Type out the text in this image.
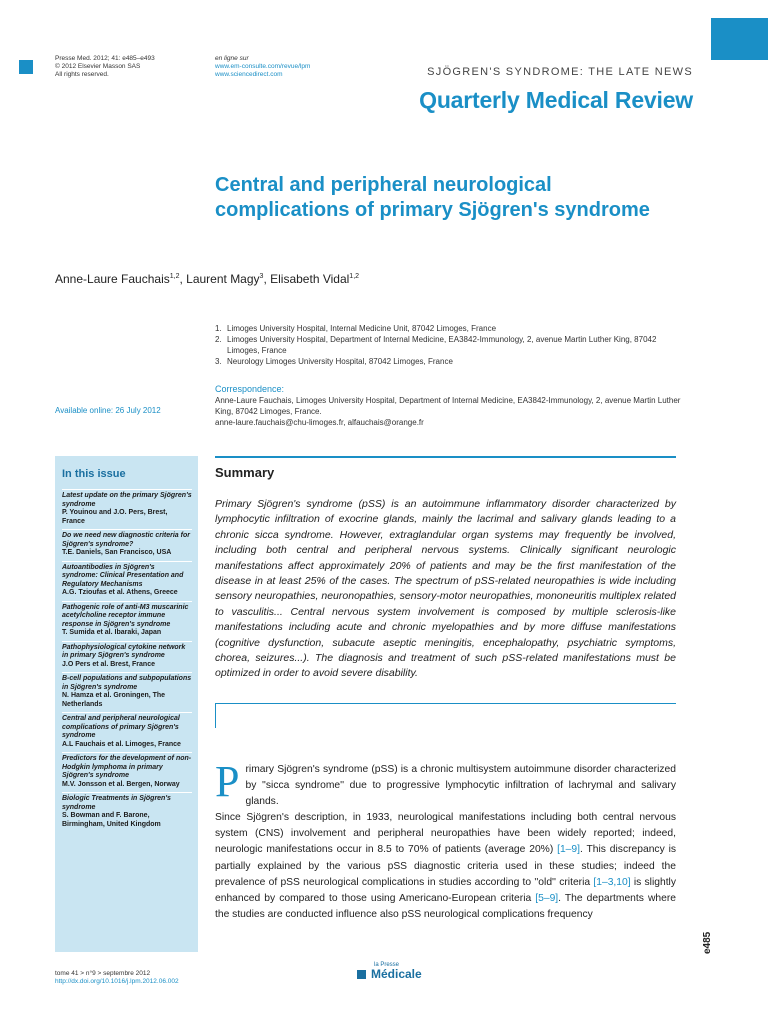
Presse Med. 2012; 41: e485–e493
© 2012 Elsevier Masson SAS
All rights reserved.
en ligne sur
www.em-consulte.com/revue/lpm
www.sciencedirect.com	SJÖGREN'S SYNDROME: THE LATE NEWS
Quarterly Medical Review
Central and peripheral neurological
complications of primary Sjögren's syndrome
Anne-Laure Fauchais$^{1,2}$, Laurent Magy$^3$, Elisabeth Vidal$^{1,2}$
1. Limoges University Hospital, Internal Medicine Unit, 87042 Limoges, France
2. Limoges University Hospital, Department of Internal Medicine, EA3842-Immunology, 2, avenue Martin Luther King, 87042 Limoges, France
3. Neurology Limoges University Hospital, 87042 Limoges, France
Correspondence:
Anne-Laure Fauchais, Limoges University Hospital, Department of Internal Medicine, EA3842-Immunology, 2, avenue Martin Luther King, 87042 Limoges, France.
anne-laure.fauchais@chu-limoges.fr, alfauchais@orange.fr
Available online: 26 July 2012
In this issue
Latest update on the primary Sjögren's syndrome
P. Youinou and J.O. Pers, Brest, France
Do we need new diagnostic criteria for Sjögren's syndrome?
T.E. Daniels, San Francisco, USA
Autoantibodies in Sjögren's syndrome: Clinical Presentation and Regulatory Mechanisms
A.G. Tzioufas et al. Athens, Greece
Pathogenic role of anti-M3 muscarinic acetylcholine receptor immune response in Sjögren's syndrome
T. Sumida et al. Ibaraki, Japan
Pathophysiological cytokine network in primary Sjögren's syndrome
J.O Pers et al. Brest, France
B-cell populations and subpopulations in Sjögren's syndrome
N. Hamza et al. Groningen, The Netherlands
Central and peripheral neurological complications of primary Sjögren's syndrome
A.L Fauchais et al. Limoges, France
Predictors for the development of non-Hodgkin lymphoma in primary Sjögren's syndrome
M.V. Jonsson et al. Bergen, Norway
Biologic Treatments in Sjögren's syndrome
S. Bowman and F. Barone, Birmingham, United Kingdom
Summary
Primary Sjögren's syndrome (pSS) is an autoimmune inflammatory disorder characterized by lymphocytic infiltration of exocrine glands, mainly the lacrimal and salivary glands leading to a chronic sicca syndrome. However, extraglandular organ systems may frequently be involved, including both central and peripheral nervous systems. Clinically significant neurologic manifestations affect approximately 20% of patients and may be the first manifestation of the disease in at least 25% of the cases. The spectrum of pSS-related neuropathies is wide including sensory neuropathies, neuronopathies, sensory-motor neuropathies, mononeuritis multiplex related to vasculitis... Central nervous system involvement is composed by multiple sclerosis-like manifestations including acute and chronic myelopathies and by more diffuse manifestations (cognitive dysfunction, subacute aseptic meningitis, encephalopathy, psychiatric symptoms, chorea, seizures...). The diagnosis and treatment of such pSS-related manifestations must be optimized in order to avoid severe disability.

Primary Sjögren's syndrome (pSS) is a chronic multisystem autoimmune disorder characterized by ''sicca syndrome'' due to progressive lymphocytic infiltration of lachrymal and salivary glands.

Since Sjögren's description, in 1933, neurological manifestations including both central nervous system (CNS) involvement and peripheral neuropathies have been widely reported; indeed, neurologic manifestations occur in 8.5 to 70% of patients (average 20%) [1–9]. This discrepancy is partially explained by the various pSS diagnostic criteria used in these studies; indeed the prevalence of pSS neurological complications in studies according to ''old'' criteria [1–3,10] is slightly enhanced by compared to those using Americano-European criteria [5–9]. The departments where the studies are conducted influence also pSS neurological complications frequency

tome 41 > n°9 > septembre 2012
http://dx.doi.org/10.1016/j.lpm.2012.06.002
la Presse
Médicale
e485
